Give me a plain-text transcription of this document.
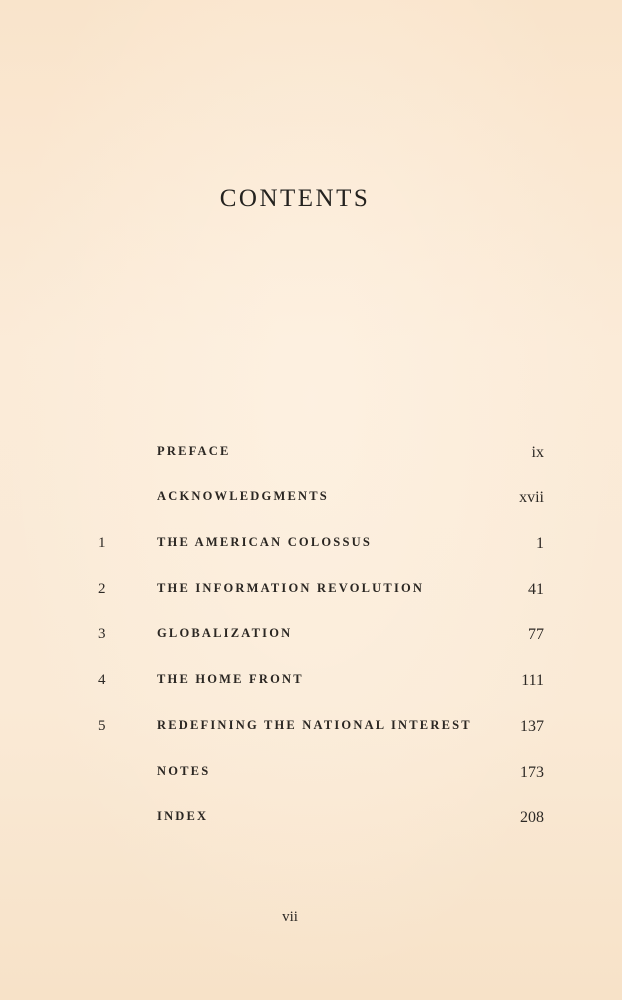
CONTENTS
PREFACE	ix
ACKNOWLEDGMENTS	xvii
1	THE AMERICAN COLOSSUS	1
2	THE INFORMATION REVOLUTION	41
3	GLOBALIZATION	77
4	THE HOME FRONT	111
5	REDEFINING THE NATIONAL INTEREST	137
NOTES	173
INDEX	208
vii
